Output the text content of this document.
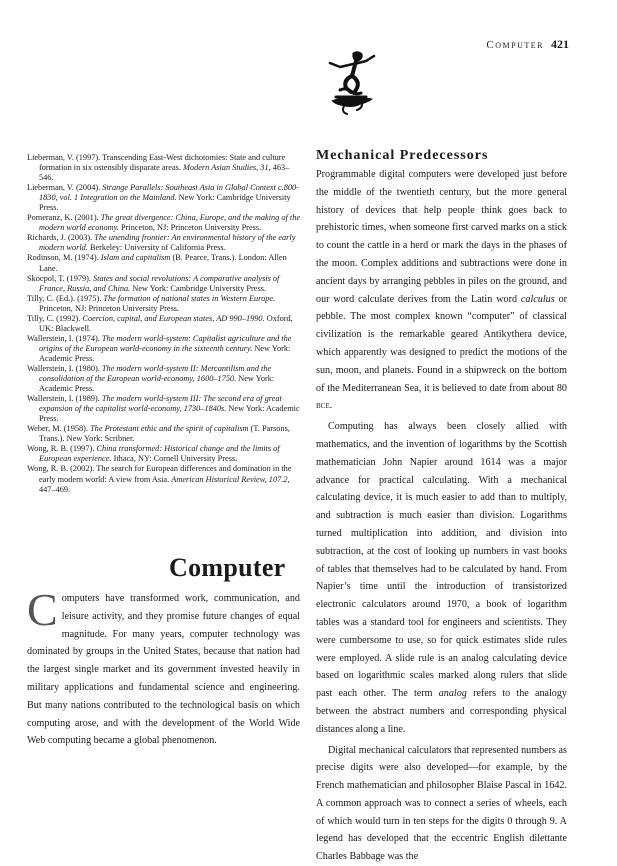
Computer 421
Lieberman, V. (1997). Transcending East-West dichotomies: State and culture formation in six ostensibly disparate areas. Modern Asian Studies, 31, 463–546.
Lieberman, V. (2004). Strange Parallels: Southeast Asia in Global Context c.800-1830, vol. 1 Integration on the Mainland. New York: Cambridge University Press.
Pomeranz, K. (2001). The great divergence: China, Europe, and the making of the modern world economy. Princeton, NJ: Princeton University Press.
Richards, J. (2003). The unending frontier: An environmental history of the early modern world. Berkeley: University of California Press.
Rodinson, M. (1974). Islam and capitalism (B. Pearce, Trans.). London: Allen Lane.
Skocpol, T. (1979). States and social revolutions: A comparative analysis of France, Russia, and China. New York: Cambridge University Press.
Tilly, C. (Ed.). (1975). The formation of national states in Western Europe. Princeton, NJ: Princeton University Press.
Tilly, C. (1992). Coercion, capital, and European states, AD 990–1990. Oxford, UK: Blackwell.
Wallerstein, I. (1974). The modern world-system: Capitalist agriculture and the origins of the European world-economy in the sixteenth century. New York: Academic Press.
Wallerstein, I. (1980). The modern world-system II: Mercantilism and the consolidation of the European world-economy, 1600–1750. New York: Academic Press.
Wallerstein, I. (1989). The modern world-system III: The second era of great expansion of the capitalist world-economy, 1730–1840s. New York: Academic Press.
Weber, M. (1958). The Protestant ethic and the spirit of capitalism (T. Parsons, Trans.). New York: Scribner.
Wong, R. B. (1997). China transformed: Historical change and the limits of European experience. Ithaca, NY: Cornell University Press.
Wong, R. B. (2002). The search for European differences and domination in the early modern world: A view from Asia. American Historical Review, 107.2, 447–469.
Computer
Computers have transformed work, communication, and leisure activity, and they promise future changes of equal magnitude. For many years, computer technology was dominated by groups in the United States, because that nation had the largest single market and its government invested heavily in military applications and fundamental science and engineering. But many nations contributed to the technological basis on which computing arose, and with the development of the World Wide Web computing became a global phenomenon.
Mechanical Predecessors

Programmable digital computers were developed just before the middle of the twentieth century, but the more general history of devices that help people think goes back to prehistoric times, when someone first carved marks on a stick to count the cattle in a herd or mark the days in the phases of the moon. Complex additions and subtractions were done in ancient days by arranging pebbles in piles on the ground, and our word calculate derives from the Latin word calculus or pebble. The most complex known “computer” of classical civilization is the remarkable geared Antikythera device, which apparently was designed to predict the motions of the sun, moon, and planets. Found in a shipwreck on the bottom of the Mediterranean Sea, it is believed to date from about 80 bce.

Computing has always been closely allied with mathematics, and the invention of logarithms by the Scottish mathematician John Napier around 1614 was a major advance for practical calculating. With a mechanical calculating device, it is much easier to add than to multiply, and subtraction is much easier than division. Logarithms turned multiplication into addition, and division into subtraction, at the cost of looking up numbers in vast books of tables that themselves had to be calculated by hand. From Napier’s time until the introduction of transistorized electronic calculators around 1970, a book of logarithm tables was a standard tool for engineers and scientists. They were cumbersome to use, so for quick estimates slide rules were employed. A slide rule is an analog calculating device based on logarithmic scales marked along rulers that slide past each other. The term analog refers to the analogy between the abstract numbers and corresponding physical distances along a line.

Digital mechanical calculators that represented numbers as precise digits were also developed—for example, by the French mathematician and philosopher Blaise Pascal in 1642. A common approach was to connect a series of wheels, each of which would turn in ten steps for the digits 0 through 9. A legend has developed that the eccentric English dilettante Charles Babbage was the
